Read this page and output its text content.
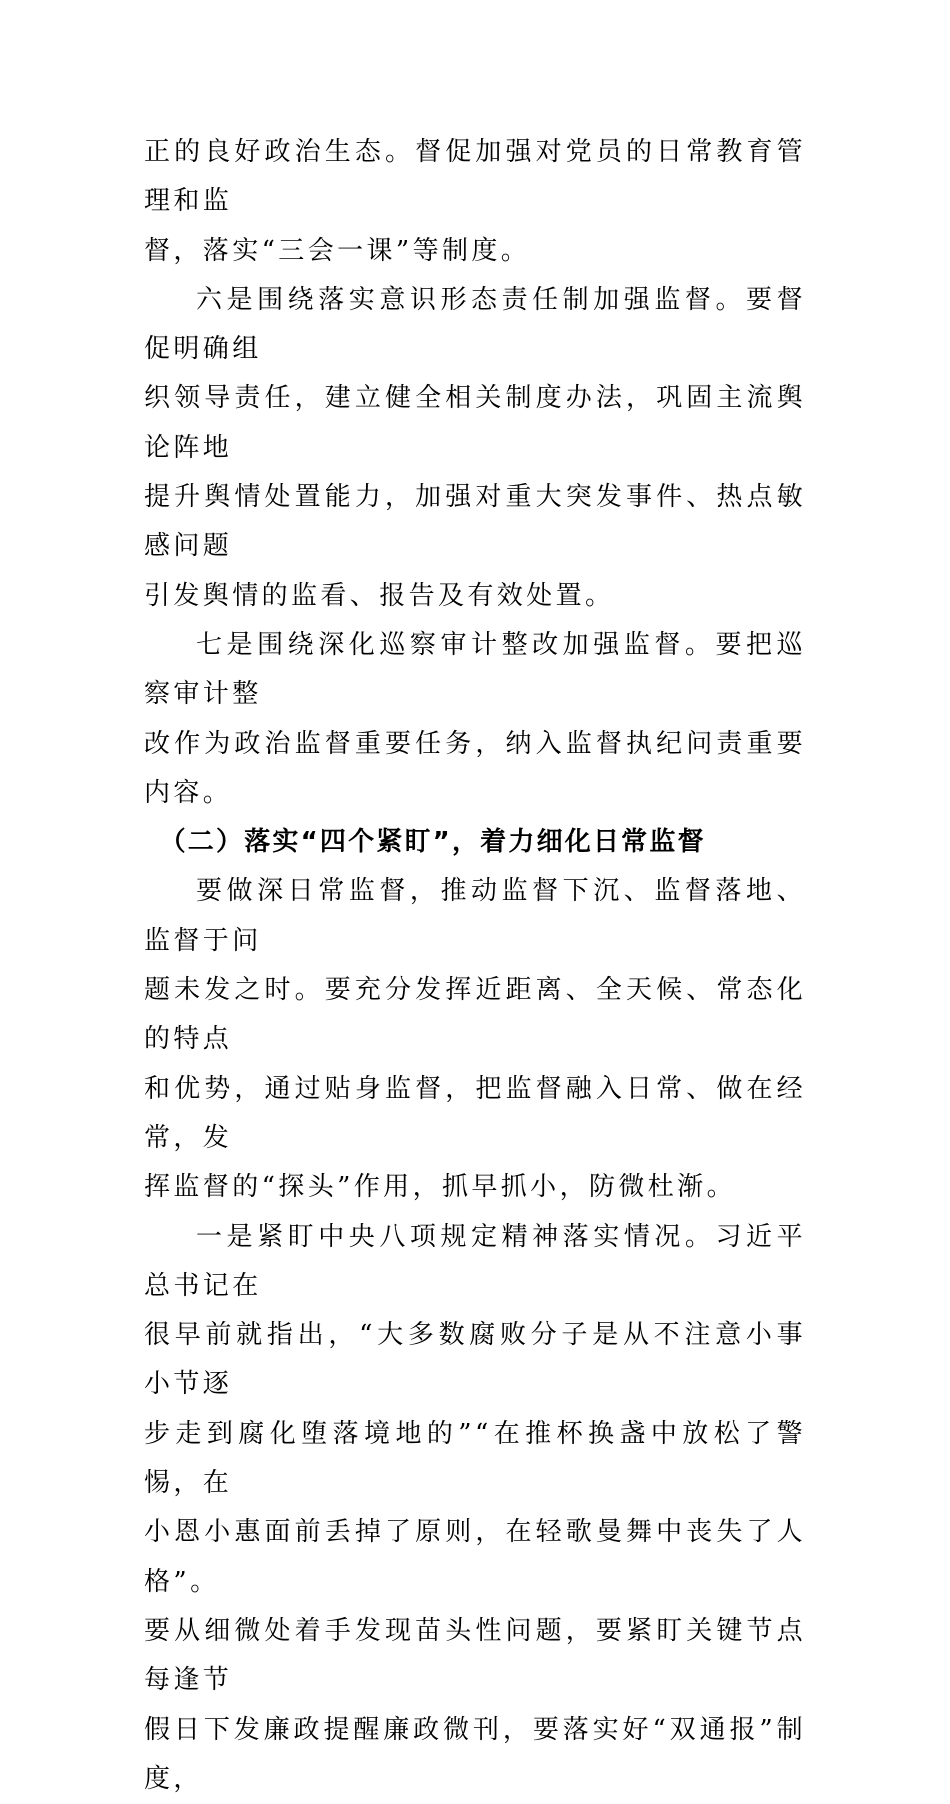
正的良好政治生态。督促加强对党员的日常教育管理和监
督，落实“三会一课”等制度。

六是围绕落实意识形态责任制加强监督。要督促明确组
织领导责任，建立健全相关制度办法，巩固主流舆论阵地
提升舆情处置能力，加强对重大突发事件、热点敏感问题
引发舆情的监看、报告及有效处置。

七是围绕深化巡察审计整改加强监督。要把巡察审计整
改作为政治监督重要任务，纳入监督执纪问责重要内容。

（二）落实“四个紧盯”，着力细化日常监督

要做深日常监督，推动监督下沉、监督落地、监督于问
题未发之时。要充分发挥近距离、全天候、常态化的特点
和优势，通过贴身监督，把监督融入日常、做在经常，发
挥监督的“探头”作用，抓早抓小，防微杜渐。

一是紧盯中央八项规定精神落实情况。习近平总书记在
很早前就指出，“大多数腐败分子是从不注意小事小节逐
步走到腐化堕落境地的”“在推杯换盏中放松了警惕，在
小恩小惠面前丢掉了原则，在轻歌曼舞中丧失了人格”。
要从细微处着手发现苗头性问题，要紧盯关键节点每逢节
假日下发廉政提醒廉政微刊，要落实好“双通报”制度，
